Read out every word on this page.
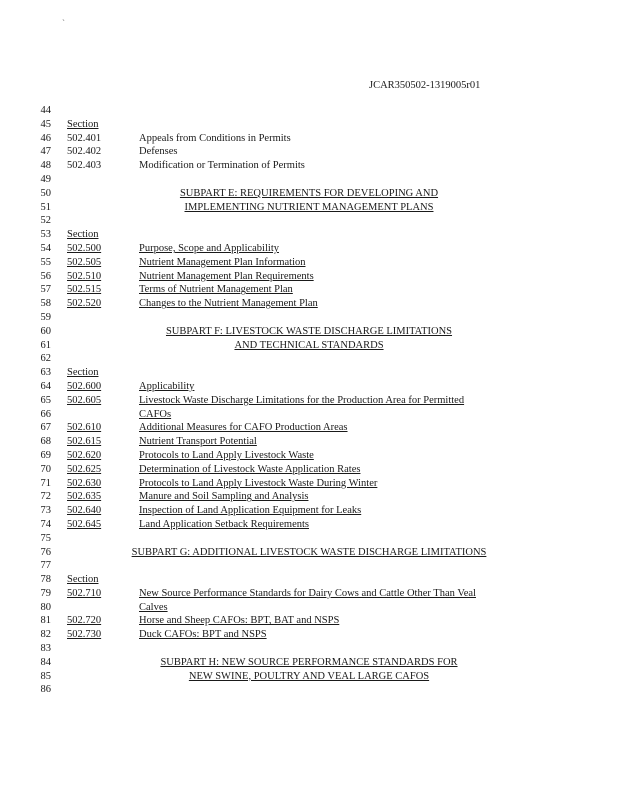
`
JCAR350502-1319005r01
44
45 Section
46 502.401	Appeals from Conditions in Permits
47 502.402	Defenses
48 502.403	Modification or Termination of Permits
49
50	SUBPART E: REQUIREMENTS FOR DEVELOPING AND
51	IMPLEMENTING NUTRIENT MANAGEMENT PLANS
52
53 Section
54 502.500	Purpose, Scope and Applicability
55 502.505	Nutrient Management Plan Information
56 502.510	Nutrient Management Plan Requirements
57 502.515	Terms of Nutrient Management Plan
58 502.520	Changes to the Nutrient Management Plan
59
60	SUBPART F: LIVESTOCK WASTE DISCHARGE LIMITATIONS
61	AND TECHNICAL STANDARDS
62
63 Section
64 502.600	Applicability
65 502.605	Livestock Waste Discharge Limitations for the Production Area for Permitted
66	CAFOs
67 502.610	Additional Measures for CAFO Production Areas
68 502.615	Nutrient Transport Potential
69 502.620	Protocols to Land Apply Livestock Waste
70 502.625	Determination of Livestock Waste Application Rates
71 502.630	Protocols to Land Apply Livestock Waste During Winter
72 502.635	Manure and Soil Sampling and Analysis
73 502.640	Inspection of Land Application Equipment for Leaks
74 502.645	Land Application Setback Requirements
75
76	SUBPART G: ADDITIONAL LIVESTOCK WASTE DISCHARGE LIMITATIONS
77
78 Section
79 502.710	New Source Performance Standards for Dairy Cows and Cattle Other Than Veal
80	Calves
81 502.720	Horse and Sheep CAFOs: BPT, BAT and NSPS
82 502.730	Duck CAFOs: BPT and NSPS
83
84	SUBPART H: NEW SOURCE PERFORMANCE STANDARDS FOR
85	NEW SWINE, POULTRY AND VEAL LARGE CAFOS
86
